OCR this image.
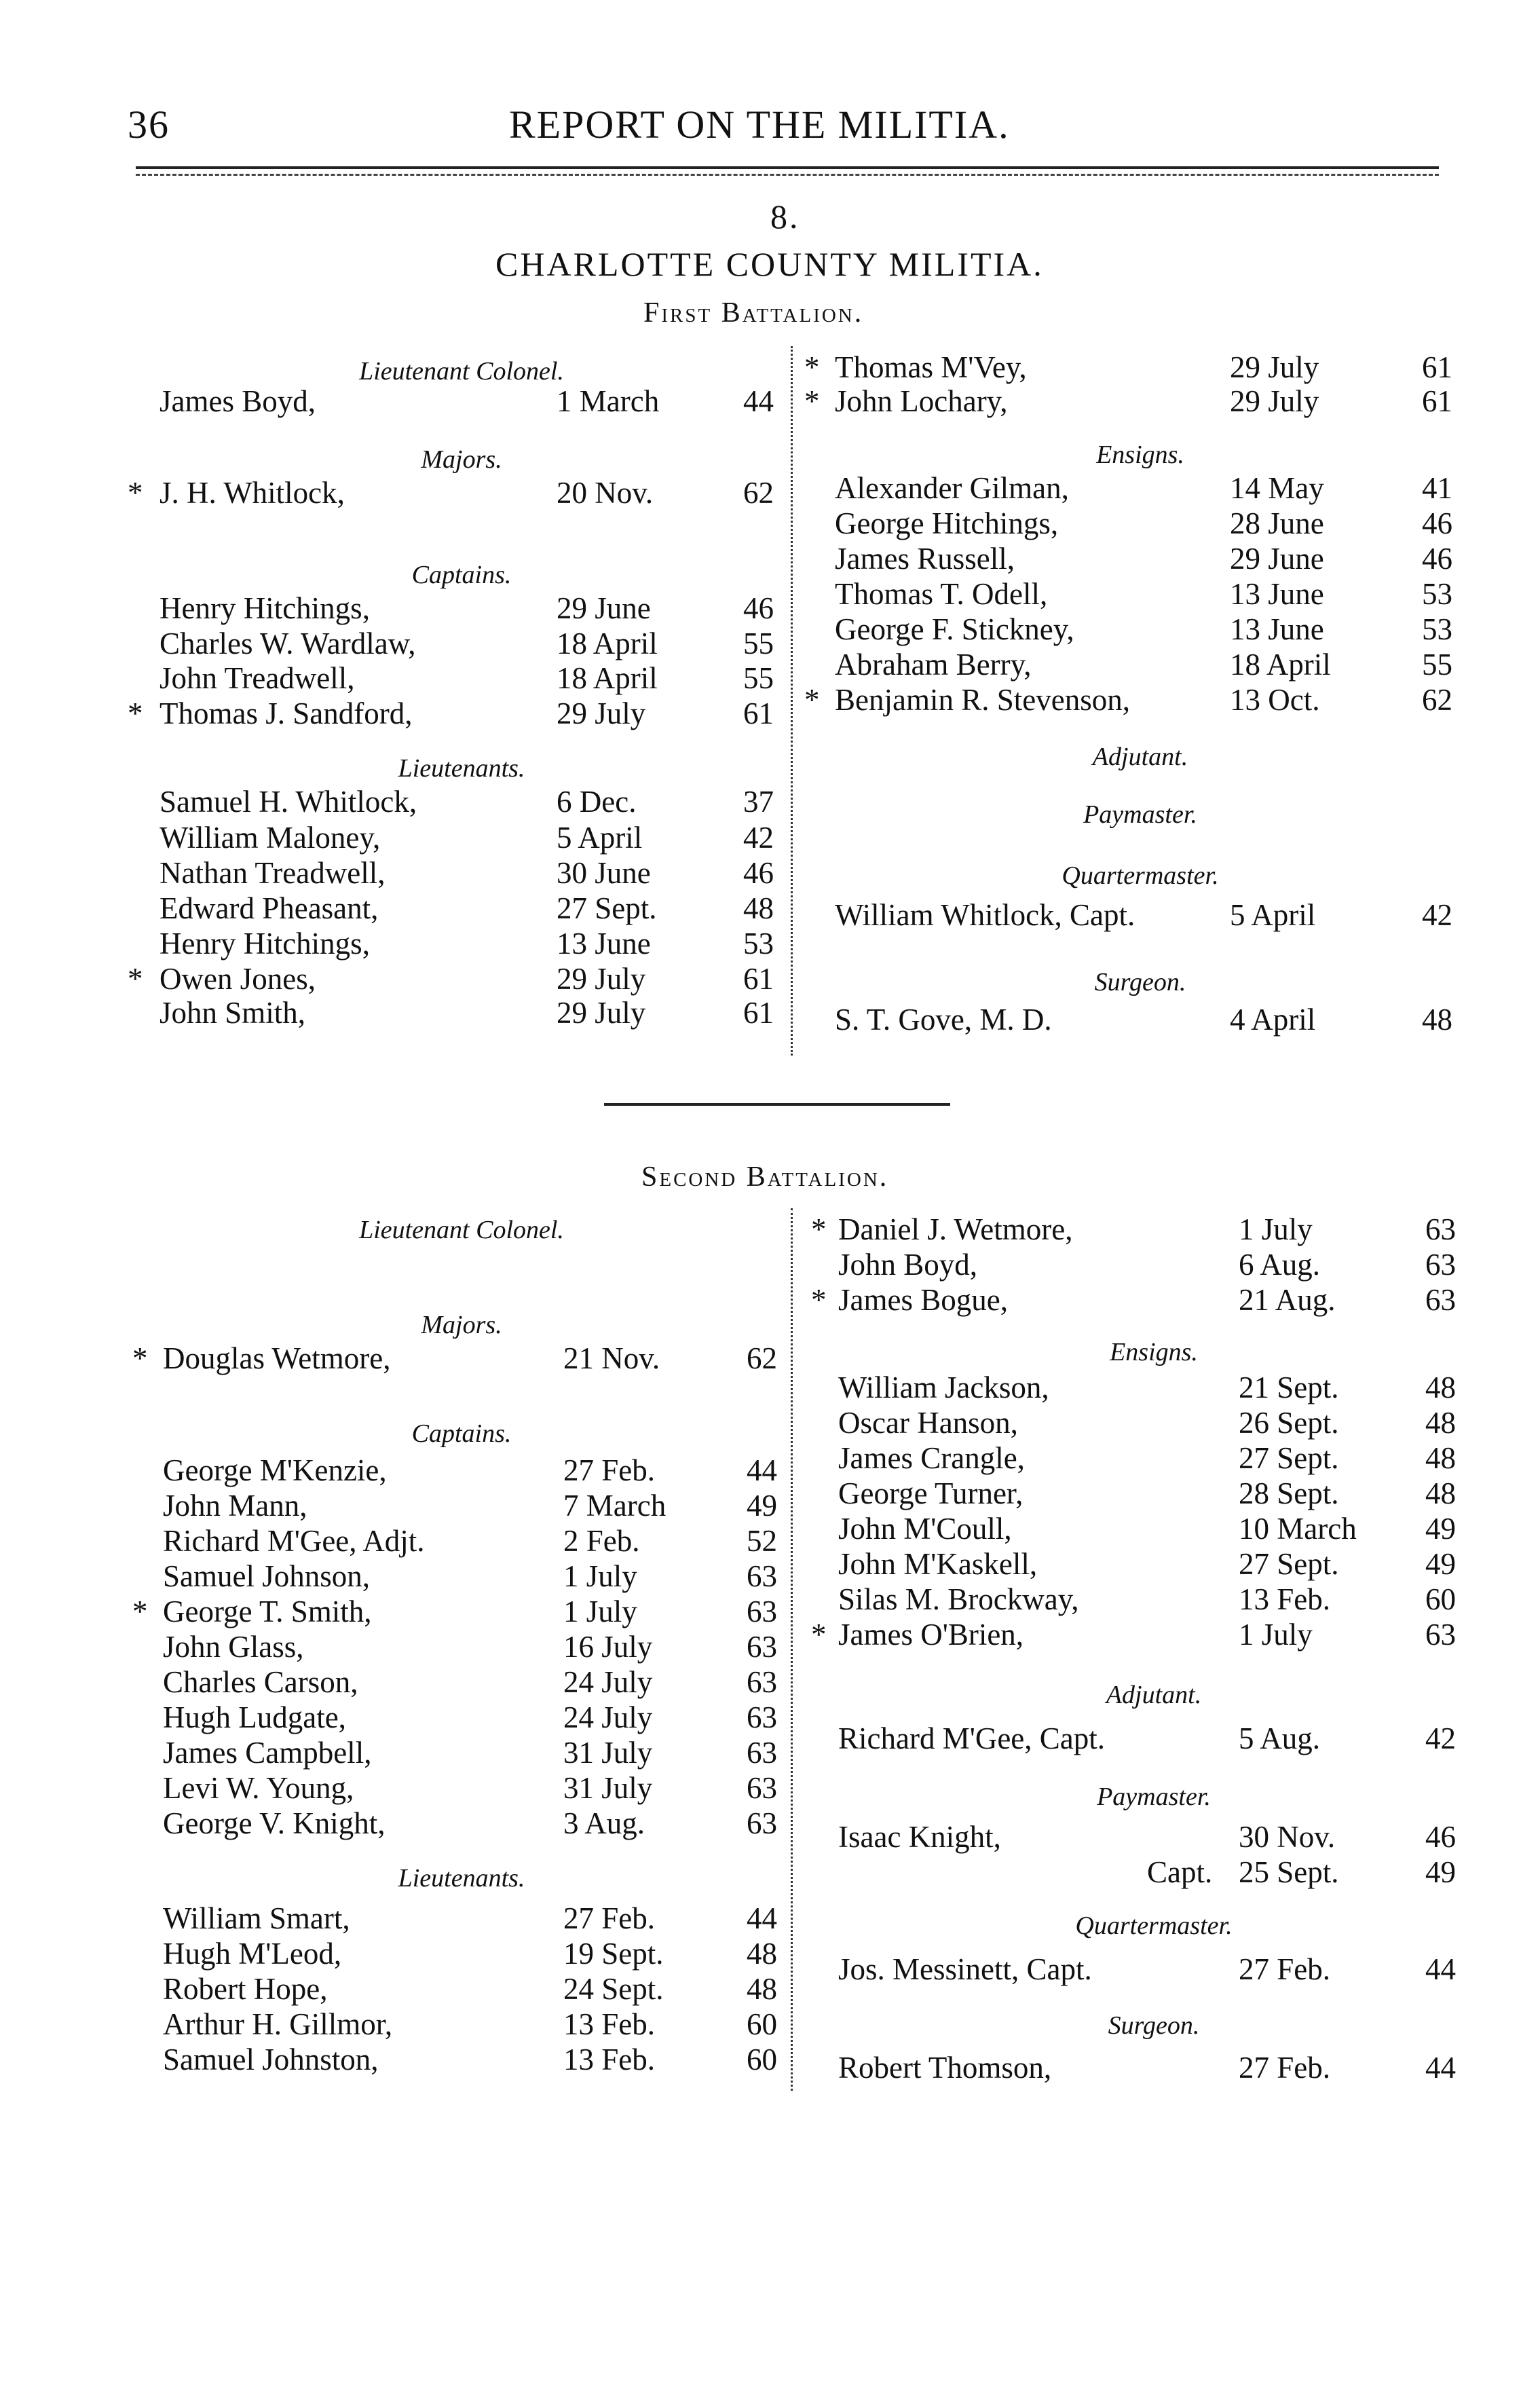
36	REPORT ON THE MILITIA.
8.
CHARLOTTE COUNTY MILITIA.
First Battalion.
Lieutenant Colonel.
James Boyd,	1 March	44
Majors.
* J. H. Whitlock,	20 Nov.	62
Captains.
Henry Hitchings,	29 June	46
Charles W. Wardlaw,	18 April	55
John Treadwell,	18 April	55
* Thomas J. Sandford,	29 July	61
Lieutenants.
Samuel H. Whitlock,	6 Dec.	37
William Maloney,	5 April	42
Nathan Treadwell,	30 June	46
Edward Pheasant,	27 Sept.	48
Henry Hitchings,	13 June	53
* Owen Jones,	29 July	61
John Smith,	29 July	61
* Thomas M'Vey,	29 July	61
* John Lochary,	29 July	61
Ensigns.
Alexander Gilman,	14 May	41
George Hitchings,	28 June	46
James Russell,	29 June	46
Thomas T. Odell,	13 June	53
George F. Stickney,	13 June	53
Abraham Berry,	18 April	55
* Benjamin R. Stevenson,	13 Oct.	62
Adjutant.
Paymaster.
Quartermaster.
William Whitlock, Capt.	5 April	42
Surgeon.
S. T. Gove, M. D.	4 April	48
Second Battalion.
Lieutenant Colonel.
Majors.
* Douglas Wetmore,	21 Nov.	62
Captains.
George M'Kenzie,	27 Feb.	44
John Mann,	7 March	49
Richard M'Gee, Adjt.	2 Feb.	52
Samuel Johnson,	1 July	63
* George T. Smith,	1 July	63
John Glass,	16 July	63
Charles Carson,	24 July	63
Hugh Ludgate,	24 July	63
James Campbell,	31 July	63
Levi W. Young,	31 July	63
George V. Knight,	3 Aug.	63
Lieutenants.
William Smart,	27 Feb.	44
Hugh M'Leod,	19 Sept.	48
Robert Hope,	24 Sept.	48
Arthur H. Gillmor,	13 Feb.	60
Samuel Johnston,	13 Feb.	60
* Daniel J. Wetmore,	1 July	63
John Boyd,	6 Aug.	63
* James Bogue,	21 Aug.	63
Ensigns.
William Jackson,	21 Sept.	48
Oscar Hanson,	26 Sept.	48
James Crangle,	27 Sept.	48
George Turner,	28 Sept.	48
John M'Coull,	10 March	49
John M'Kaskell,	27 Sept.	49
Silas M. Brockway,	13 Feb.	60
* James O'Brien,	1 July	63
Adjutant.
Richard M'Gee, Capt.	5 Aug.	42
Paymaster.
Isaac Knight,	30 Nov.	46
Capt. 25 Sept.	49
Quartermaster.
Jos. Messinett, Capt.	27 Feb.	44
Surgeon.
Robert Thomson,	27 Feb.	44
